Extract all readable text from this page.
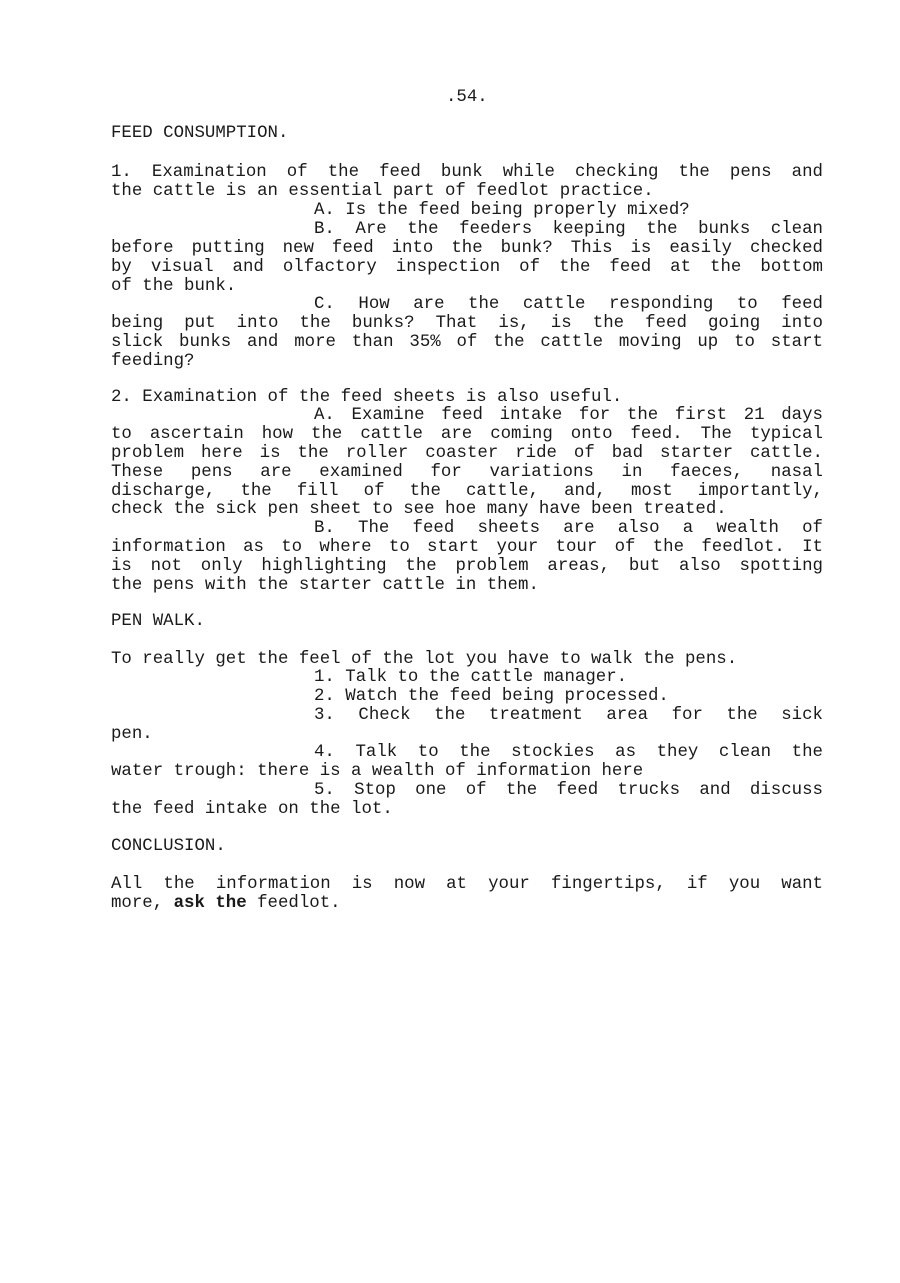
.54.
FEED CONSUMPTION.
1. Examination of the feed bunk while checking the pens and
the cattle is an essential part of feedlot practice.
A. Is the feed being properly mixed?
B. Are the feeders keeping the bunks clean
before putting new feed into the bunk? This is easily checked
by visual and olfactory inspection of the feed at the bottom
of the bunk.
C. How are the cattle responding to feed
being put into the bunks? That is, is the feed going into
slick bunks and more than 35% of the cattle moving up to start
feeding?
2. Examination of the feed sheets is also useful.
A. Examine feed intake for the first 21 days
to ascertain how the cattle are coming onto feed. The typical
problem here is the roller coaster ride of bad starter cattle.
These pens are examined for variations in faeces, nasal
discharge, the fill of the cattle, and, most importantly,
check the sick pen sheet to see hoe many have been treated.
B. The feed sheets are also a wealth of
information as to where to start your tour of the feedlot. It
is not only highlighting the problem areas, but also spotting
the pens with the starter cattle in them.
PEN WALK.
To really get the feel of the lot you have to walk the pens.
1. Talk to the cattle manager.
2. Watch the feed being processed.
3. Check the treatment area for the sick
pen.
4. Talk to the stockies as they clean the
water trough: there is a wealth of information here
5. Stop one of the feed trucks and discuss
the feed intake on the lot.
CONCLUSION.
All the information is now at your fingertips, if you want
more, ask the feedlot.
